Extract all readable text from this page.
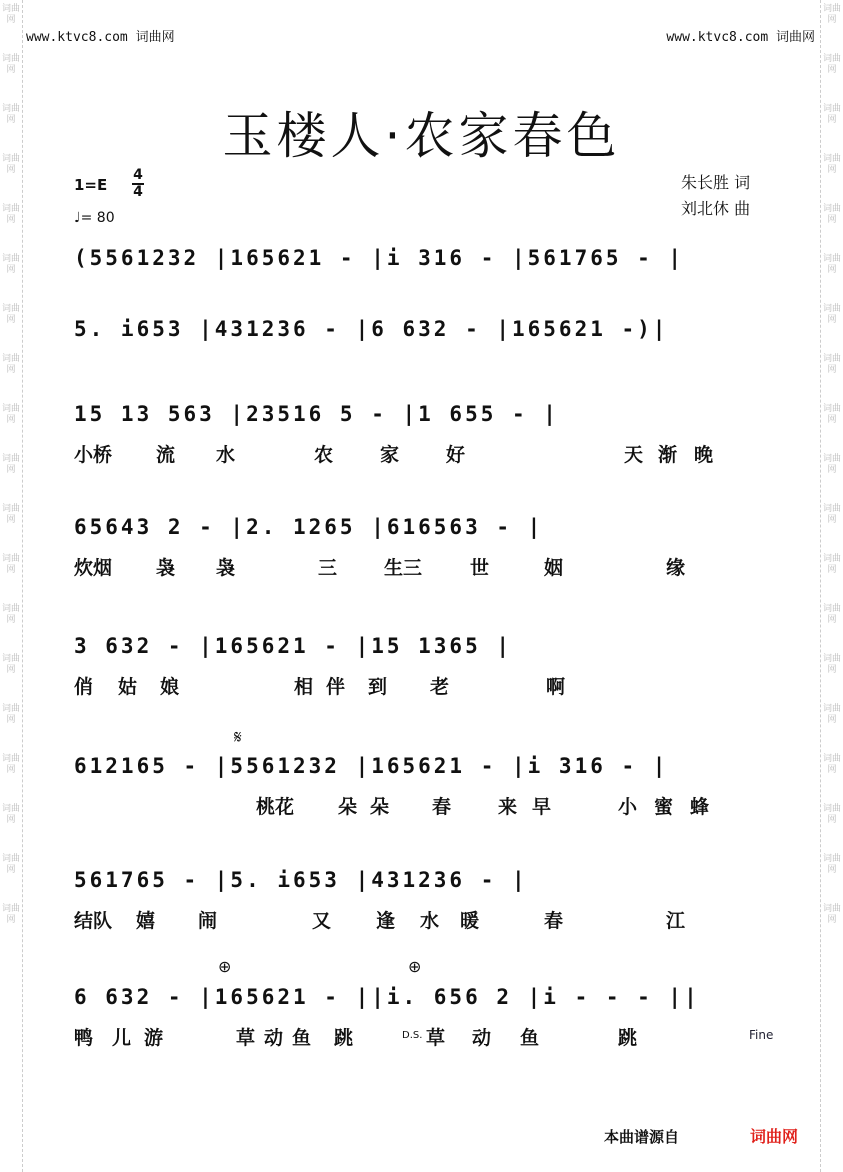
词曲网
词曲网
词曲网
词曲网
词曲网
词曲网
词曲网
词曲网
词曲网
词曲网
词曲网
词曲网
词曲网
词曲网
词曲网
词曲网
词曲网
词曲网
词曲网
词曲网
词曲网
词曲网
词曲网
词曲网
词曲网
词曲网
词曲网
词曲网
词曲网
词曲网
词曲网
词曲网
词曲网
词曲网
词曲网
词曲网
词曲网
词曲网
www.ktvc8.com 词曲网	www.ktvc8.com 词曲网
玉楼人·农家春色
1=E
4
4
♩= 80
朱长胜 词
刘北休 曲
(5561232 |165621 - |i 316 - |561765 - |
5. i653 |431236 - |6 632 - |165621 -)|
15 13 563 |23516 5 - |1 655 - |
小桥 流 水	农 家 好	天 渐 晚
65643 2 - |2. 1265 |616563 - |
炊烟 袅 袅	三 生三	世	姻	缘
3 632 - |165621 - |15 1365 |
俏 姑 娘	相 伴 到 老	啊
612165 - |5561232 |165621 - |i 316 - |
桃花 朵 朵 春 来 早	小 蜜 蜂
561765 - |5. i653 |431236 - |
结队 嬉 闹	又 逢 水 暖	春	江
6 632 - |165621 - ||i. 656 2 |i - - - ||
鸭 儿 游	草 动 鱼 跳	草 动 鱼	跳
𝄋
⊕	⊕
D.S.	Fine
本曲谱源自	词曲网
